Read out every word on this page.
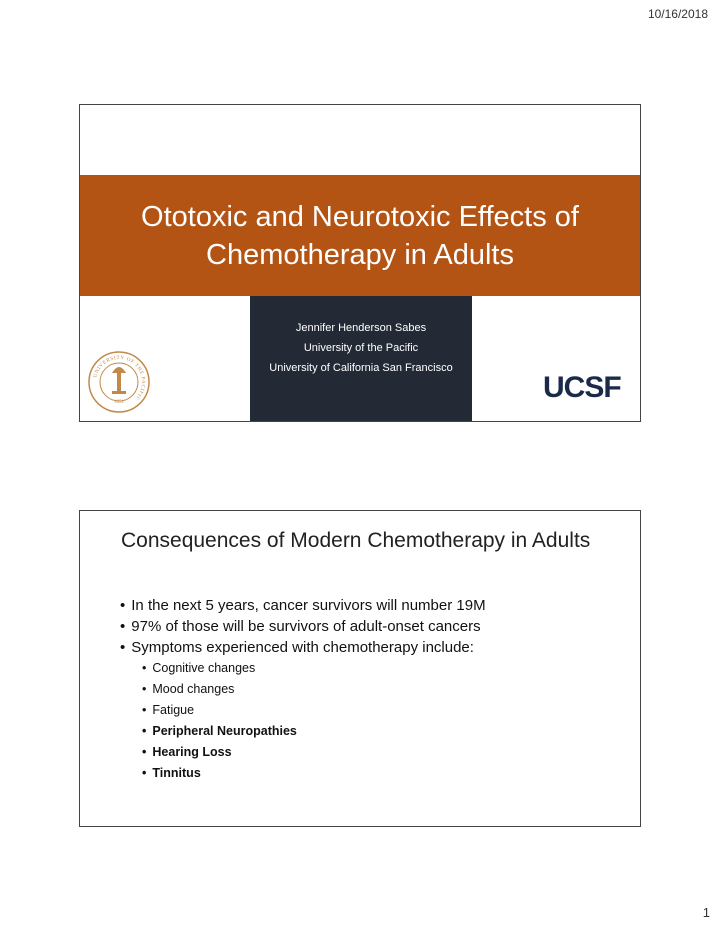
10/16/2018
Ototoxic and Neurotoxic Effects of Chemotherapy in Adults
UNIVERSITY OF THE PACIFIC
1851
Jennifer Henderson Sabes
University of the Pacific
University of California San Francisco
UCSF
Consequences of Modern Chemotherapy in Adults
• In the next 5 years, cancer survivors will number 19M
• 97% of those will be survivors of adult-onset cancers
• Symptoms experienced with chemotherapy include:
• Cognitive changes
• Mood changes
• Fatigue
• Peripheral Neuropathies
• Hearing Loss
• Tinnitus
1
